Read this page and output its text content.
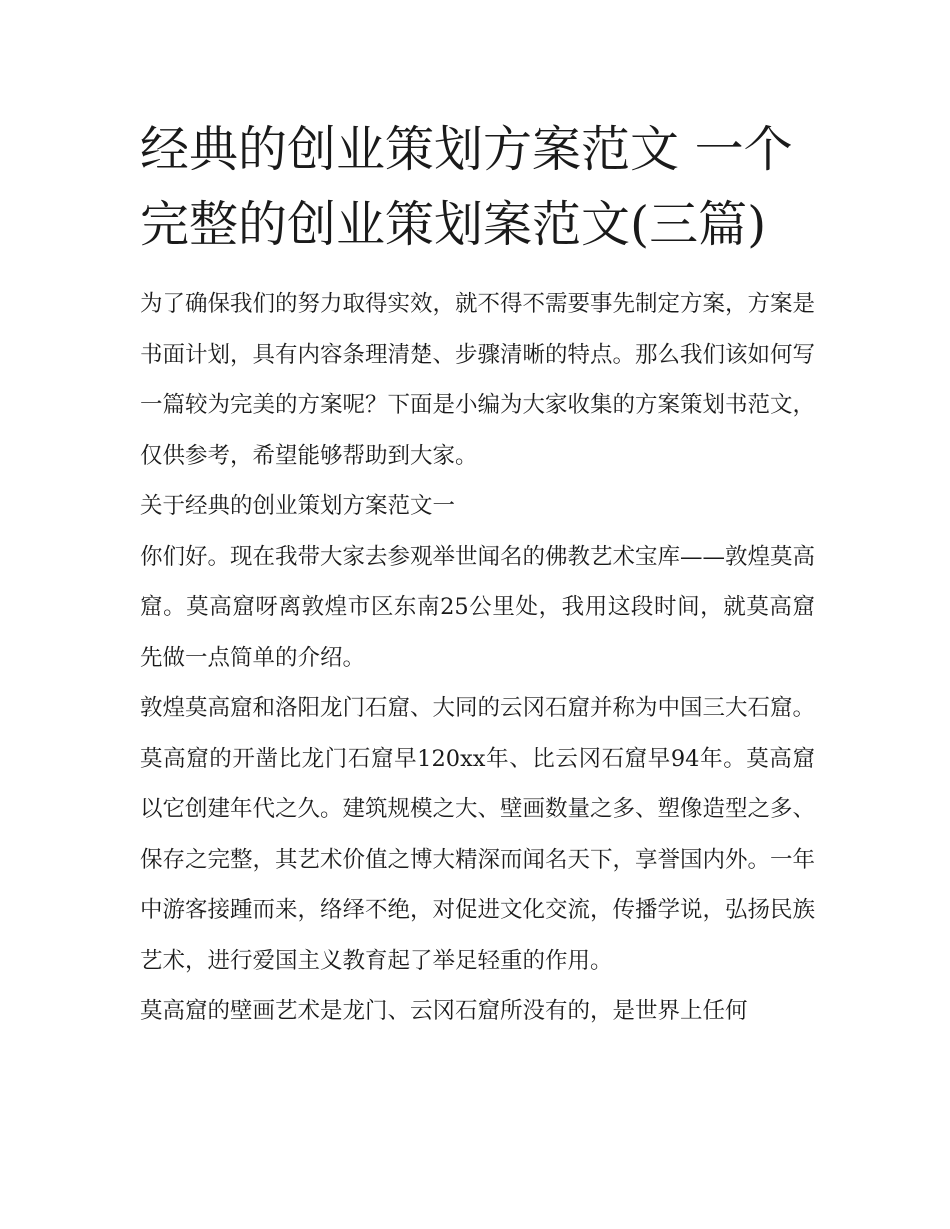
经典的创业策划方案范文 一个完整的创业策划案范文(三篇)

为了确保我们的努力取得实效，就不得不需要事先制定方案，方案是书面计划，具有内容条理清楚、步骤清晰的特点。那么我们该如何写一篇较为完美的方案呢？下面是小编为大家收集的方案策划书范文，仅供参考，希望能够帮助到大家。

关于经典的创业策划方案范文一

你们好。现在我带大家去参观举世闻名的佛教艺术宝库——敦煌莫高窟。莫高窟呀离敦煌市区东南25公里处，我用这段时间，就莫高窟先做一点简单的介绍。

敦煌莫高窟和洛阳龙门石窟、大同的云冈石窟并称为中国三大石窟。莫高窟的开凿比龙门石窟早120xx年、比云冈石窟早94年。莫高窟以它创建年代之久。建筑规模之大、壁画数量之多、塑像造型之多、保存之完整，其艺术价值之博大精深而闻名天下，享誉国内外。一年中游客接踵而来，络绎不绝，对促进文化交流，传播学说，弘扬民族艺术，进行爱国主义教育起了举足轻重的作用。

莫高窟的壁画艺术是龙门、云冈石窟所没有的，是世界上任何
